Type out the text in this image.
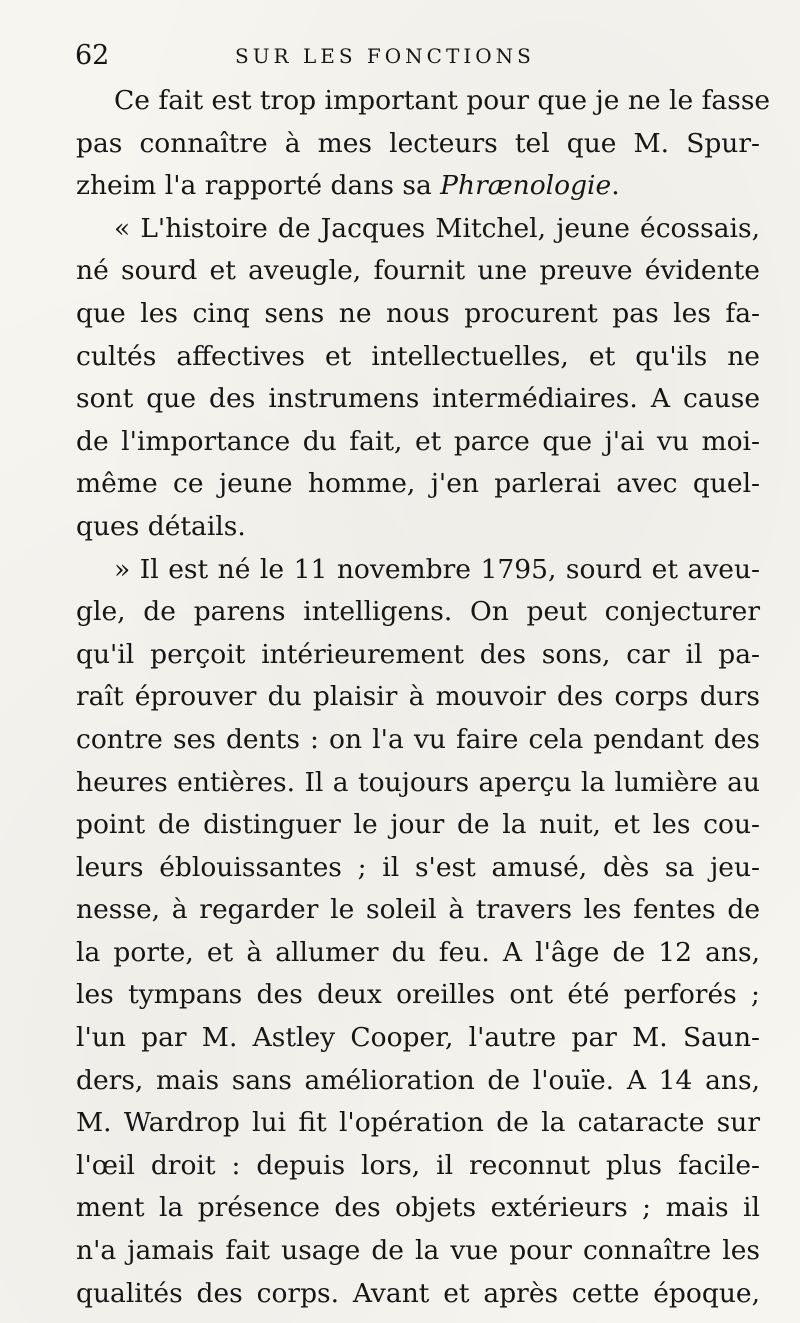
62	SUR LES FONCTIONS
Ce fait est trop important pour que je ne le fasse
pas connaître à mes lecteurs tel que M. Spur-
zheim l'a rapporté dans sa Phrænologie.
« L'histoire de Jacques Mitchel, jeune écossais,
né sourd et aveugle, fournit une preuve évidente
que les cinq sens ne nous procurent pas les fa-
cultés affectives et intellectuelles, et qu'ils ne
sont que des instrumens intermédiaires. A cause
de l'importance du fait, et parce que j'ai vu moi-
même ce jeune homme, j'en parlerai avec quel-
ques détails.
» Il est né le 11 novembre 1795, sourd et aveu-
gle, de parens intelligens. On peut conjecturer
qu'il perçoit intérieurement des sons, car il pa-
raît éprouver du plaisir à mouvoir des corps durs
contre ses dents : on l'a vu faire cela pendant des
heures entières. Il a toujours aperçu la lumière au
point de distinguer le jour de la nuit, et les cou-
leurs éblouissantes ; il s'est amusé, dès sa jeu-
nesse, à regarder le soleil à travers les fentes de
la porte, et à allumer du feu. A l'âge de 12 ans,
les tympans des deux oreilles ont été perforés ;
l'un par M. Astley Cooper, l'autre par M. Saun-
ders, mais sans amélioration de l'ouïe. A 14 ans,
M. Wardrop lui fit l'opération de la cataracte sur
l'œil droit : depuis lors, il reconnut plus facile-
ment la présence des objets extérieurs ; mais il
n'a jamais fait usage de la vue pour connaître les
qualités des corps. Avant et après cette époque,
